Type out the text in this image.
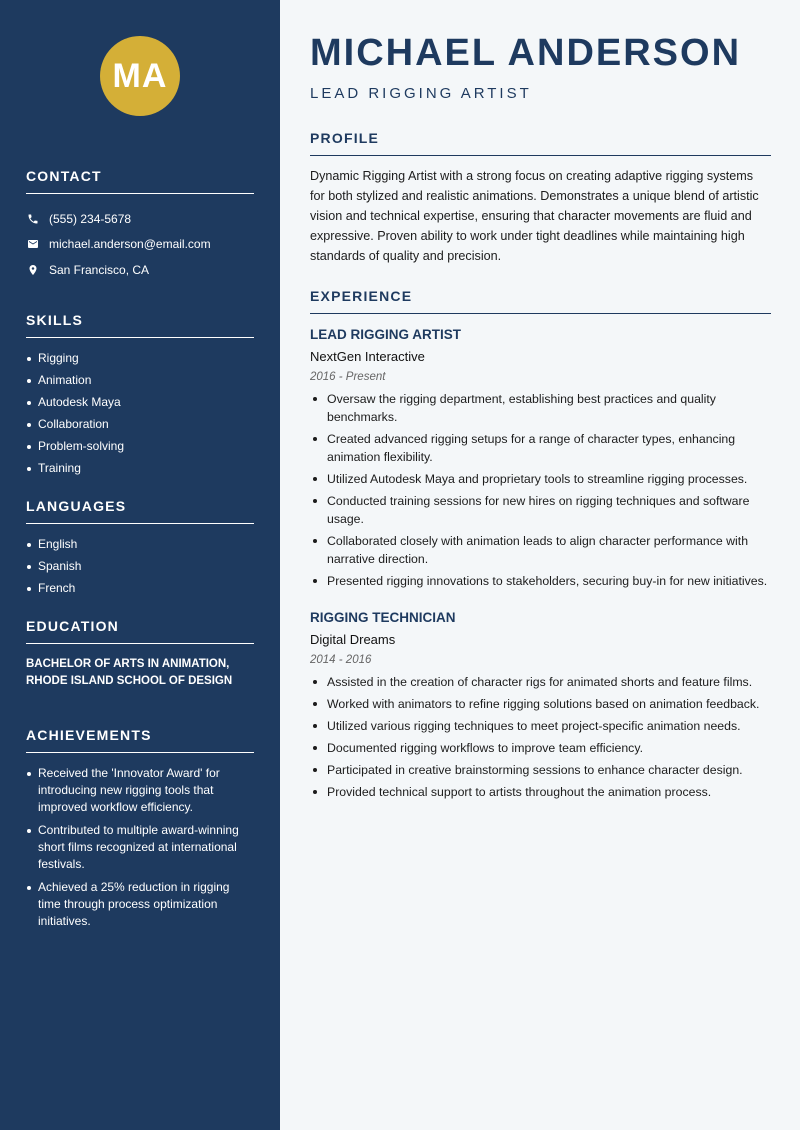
MA
CONTACT
(555) 234-5678
michael.anderson@email.com
San Francisco, CA
SKILLS
Rigging
Animation
Autodesk Maya
Collaboration
Problem-solving
Training
LANGUAGES
English
Spanish
French
EDUCATION
BACHELOR OF ARTS IN ANIMATION, RHODE ISLAND SCHOOL OF DESIGN
ACHIEVEMENTS
Received the 'Innovator Award' for introducing new rigging tools that improved workflow efficiency.
Contributed to multiple award-winning short films recognized at international festivals.
Achieved a 25% reduction in rigging time through process optimization initiatives.
MICHAEL ANDERSON
LEAD RIGGING ARTIST
PROFILE

Dynamic Rigging Artist with a strong focus on creating adaptive rigging systems for both stylized and realistic animations. Demonstrates a unique blend of artistic vision and technical expertise, ensuring that character movements are fluid and expressive. Proven ability to work under tight deadlines while maintaining high standards of quality and precision.

EXPERIENCE
LEAD RIGGING ARTIST
NextGen Interactive
2016 - Present
Oversaw the rigging department, establishing best practices and quality benchmarks.
Created advanced rigging setups for a range of character types, enhancing animation flexibility.
Utilized Autodesk Maya and proprietary tools to streamline rigging processes.
Conducted training sessions for new hires on rigging techniques and software usage.
Collaborated closely with animation leads to align character performance with narrative direction.
Presented rigging innovations to stakeholders, securing buy-in for new initiatives.
RIGGING TECHNICIAN
Digital Dreams
2014 - 2016
Assisted in the creation of character rigs for animated shorts and feature films.
Worked with animators to refine rigging solutions based on animation feedback.
Utilized various rigging techniques to meet project-specific animation needs.
Documented rigging workflows to improve team efficiency.
Participated in creative brainstorming sessions to enhance character design.
Provided technical support to artists throughout the animation process.
